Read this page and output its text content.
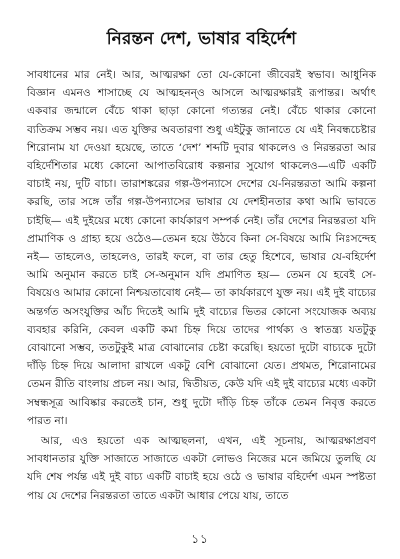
নিরন্তন দেশ, ভাষার বহির্দেশ

সাবধানের মার নেই। আর, আত্মরক্ষা তো যে-কোনো জীবেরই স্বভাব। আধুনিক বিজ্ঞান এমনও শাসাচ্ছে যে আত্মহনন্ও আসলে আত্মরক্ষারই রূপান্তর। অর্থাৎ একবার জন্মালে বেঁচে থাকা ছাড়া কোনো গত্যন্তর নেই। বেঁচে থাকার কোনো ব্যতিক্রম সম্ভব নয়। এত যুক্তির অবতারণা শুধু এইটুকু জানাতে যে এই নিবন্ধচেষ্টার শিরোনাম যা দেওয়া হয়েছে, তাতে ‘দেশ’ শব্দটি দুবার থাকলেও ও নিরন্তরতা আর বহির্দেশিতার মধ্যে কোনো আপাতবিরোধ কল্পনার সুযোগ থাকলেও—এটি একটি বাচাই নয়, দুটি বাচা। তারাশঙ্করের গল্প-উপন্যাসে দেশের যে-নিরন্তরতা আমি কল্পনা করছি, তার সঙ্গে তাঁর গল্প-উপন্যাসের ভাষার যে দেশহীনতার কথা আমি ভাবতে চাইছি— এই দুইয়ের মধ্যে কোনো কার্যকারণ সম্পর্ক নেই। তাঁর দেশের নিরন্তরতা যদি প্রামাণিক ও গ্রাহ্য হয়ে ওঠেও—তেমন হয়ে উঠবে কিনা সে-বিষয়ে আমি নিঃসন্দেহ নই— তাহলেও, তাহলেও, তারই ফলে, বা তার হেতু হিশেবে, ভাষার যে-বহির্দেশ আমি অনুমান করতে চাই সে-অনুমান যদি প্রমাণিত হয়— তেমন যে হবেই সে-বিষয়েও আমার কোনো নিশ্চয়তাবোধ নেই— তা কার্যকারণে যুক্ত নয়। এই দুই বাচ্যের অন্তর্গত অসংযুক্তির আঁচ দিতেই আমি দুই বাচ্যের ভিতর কোনো সংযোজক অব্যয় ব্যবহার করিনি, কেবল একটি কমা চিহ্ন দিয়ে তাদের পার্থক্য ও স্বাতন্ত্র্য যতটুকু বোঝানো সম্ভব, ততটুকুই মাত্র বোঝানোর চেষ্টা করেছি। হয়তো দুটো বাচ্যকে দুটো দাঁড়ি চিহ্ন দিয়ে আলাদা রাখলে একটু বেশি বোঝানো যেত। প্রথমত, শিরোনামের তেমন রীতি বাংলায় প্রচল নয়। আর, দ্বিতীয়ত, কেউ যদি এই দুই বাচ্যের মধ্যে একটা সম্বন্ধসূত্র আবিষ্কার করতেই চান, শুধু দুটো দাঁড়ি চিহ্ন তাঁকে তেমন নিবৃত্ত করতে পারত না।

আর, এও হয়তো এক আত্মছলনা, এখন, এই সূচনায়, আত্মরক্ষাপ্রবণ সাবধানতার যুক্তি সাজাতে সাজাতে একটা লোভও নিজের মনে জমিয়ে তুলছি যে যদি শেষ পর্যন্ত এই দুই বাচ্য একটি বাচাই হয়ে ওঠে ও ভাষার বহির্দেশ এমন স্পষ্টতা পায় যে দেশের নিরন্তরতা তাতে একটা আধার পেয়ে যায়, তাতে

১১
